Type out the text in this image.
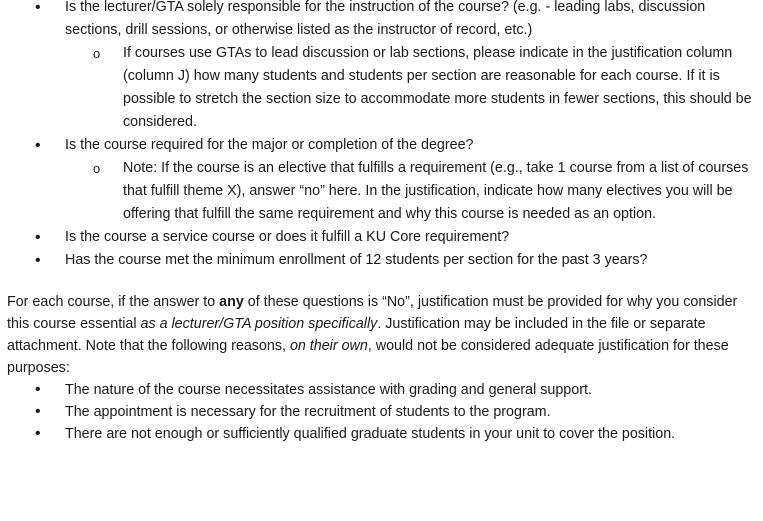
• Is the lecturer/GTA solely responsible for the instruction of the course? (e.g. - leading labs, discussion sections, drill sessions, or otherwise listed as the instructor of record, etc.)
o If courses use GTAs to lead discussion or lab sections, please indicate in the justification column (column J) how many students and students per section are reasonable for each course. If it is possible to stretch the section size to accommodate more students in fewer sections, this should be considered.
• Is the course required for the major or completion of the degree?
o Note: If the course is an elective that fulfills a requirement (e.g., take 1 course from a list of courses that fulfill theme X), answer “no” here. In the justification, indicate how many electives you will be offering that fulfill the same requirement and why this course is needed as an option.
• Is the course a service course or does it fulfill a KU Core requirement?
• Has the course met the minimum enrollment of 12 students per section for the past 3 years?
For each course, if the answer to any of these questions is “No”, justification must be provided for why you consider this course essential as a lecturer/GTA position specifically. Justification may be included in the file or separate attachment. Note that the following reasons, on their own, would not be considered adequate justification for these purposes:
• The nature of the course necessitates assistance with grading and general support.
• The appointment is necessary for the recruitment of students to the program.
• There are not enough or sufficiently qualified graduate students in your unit to cover the position.
